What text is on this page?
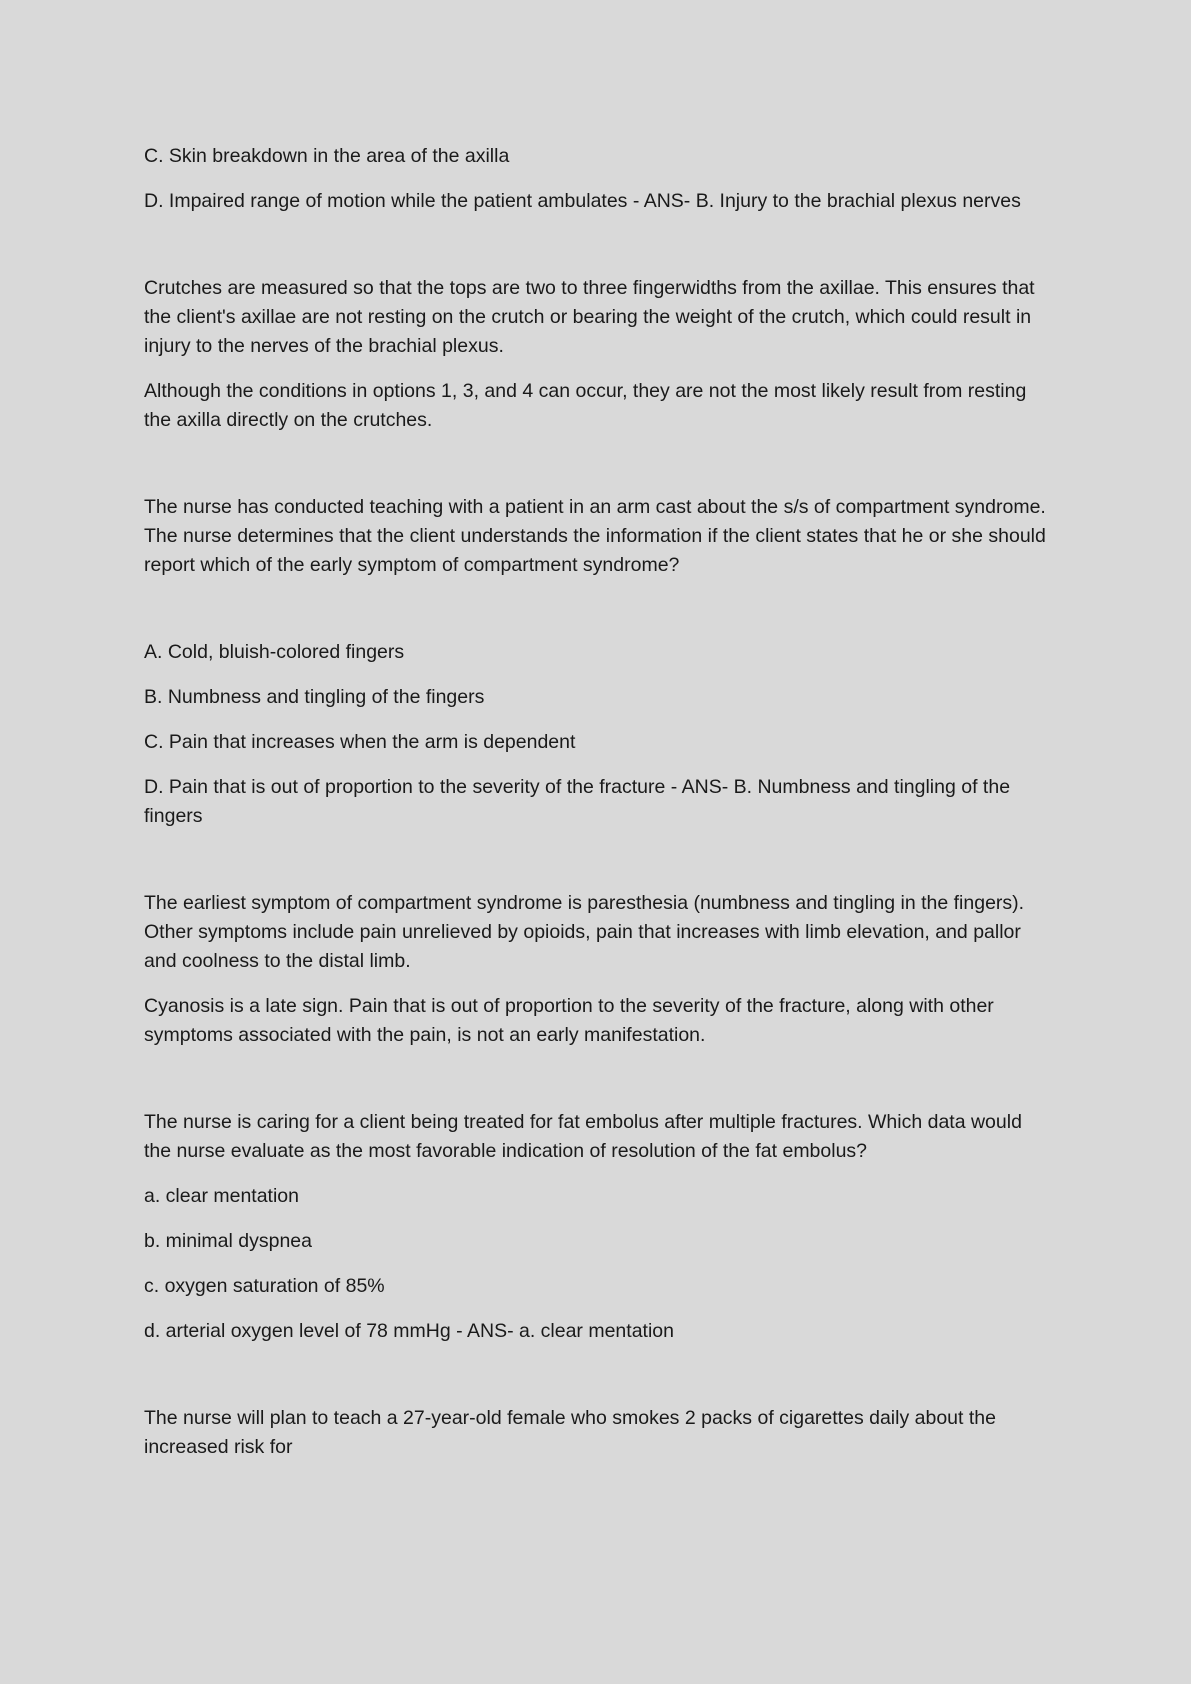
C. Skin breakdown in the area of the axilla

D. Impaired range of motion while the patient ambulates - ANS- B. Injury to the brachial plexus nerves

Crutches are measured so that the tops are two to three fingerwidths from the axillae. This ensures that the client's axillae are not resting on the crutch or bearing the weight of the crutch, which could result in injury to the nerves of the brachial plexus.

Although the conditions in options 1, 3, and 4 can occur, they are not the most likely result from resting the axilla directly on the crutches.

The nurse has conducted teaching with a patient in an arm cast about the s/s of compartment syndrome. The nurse determines that the client understands the information if the client states that he or she should report which of the early symptom of compartment syndrome?

A. Cold, bluish-colored fingers

B. Numbness and tingling of the fingers

C. Pain that increases when the arm is dependent

D. Pain that is out of proportion to the severity of the fracture - ANS- B. Numbness and tingling of the fingers

The earliest symptom of compartment syndrome is paresthesia (numbness and tingling in the fingers). Other symptoms include pain unrelieved by opioids, pain that increases with limb elevation, and pallor and coolness to the distal limb.

Cyanosis is a late sign. Pain that is out of proportion to the severity of the fracture, along with other symptoms associated with the pain, is not an early manifestation.

The nurse is caring for a client being treated for fat embolus after multiple fractures. Which data would the nurse evaluate as the most favorable indication of resolution of the fat embolus?

a. clear mentation

b. minimal dyspnea

c. oxygen saturation of 85%

d. arterial oxygen level of 78 mmHg - ANS- a. clear mentation

The nurse will plan to teach a 27-year-old female who smokes 2 packs of cigarettes daily about the increased risk for
